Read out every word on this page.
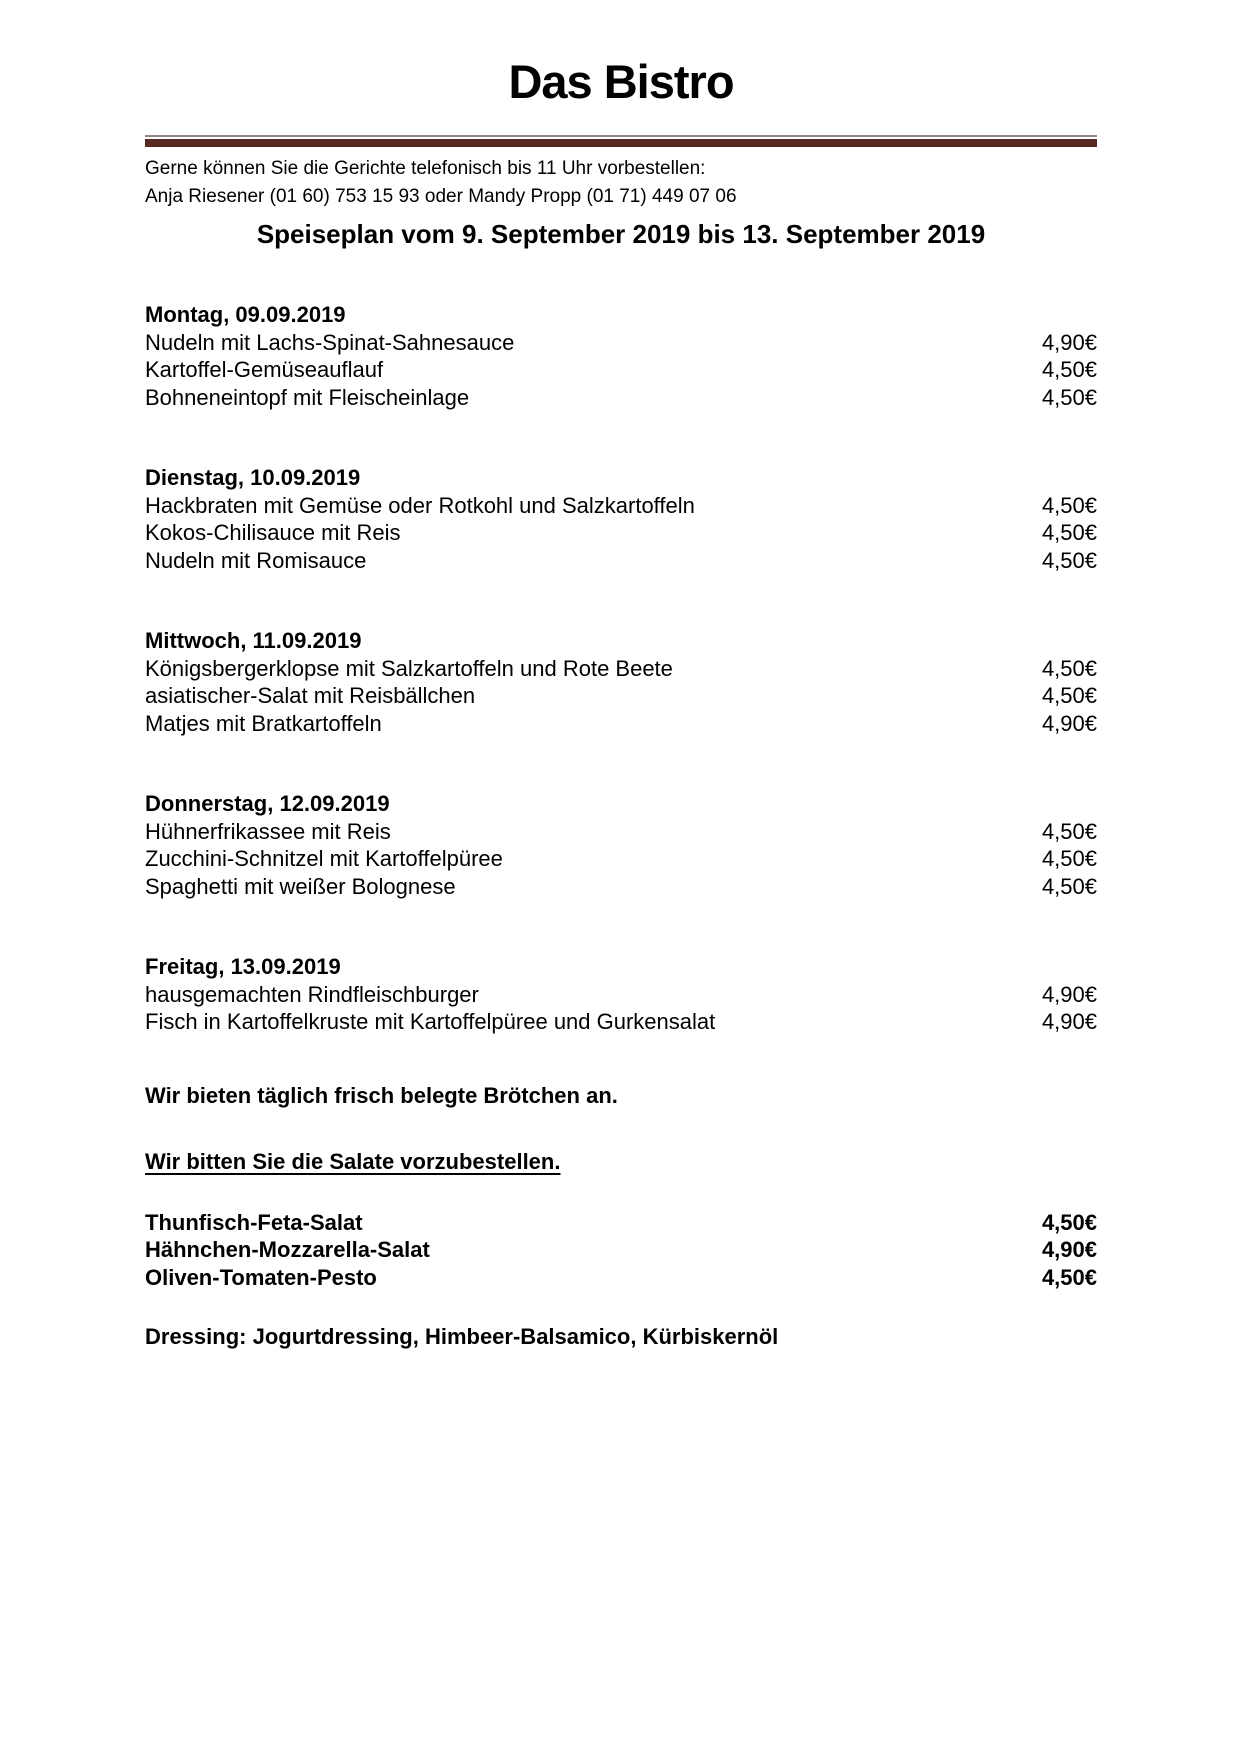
Das Bistro

Gerne können Sie die Gerichte telefonisch bis 11 Uhr vorbestellen:

Anja Riesener (01 60) 753 15 93 oder Mandy Propp (01 71) 449 07 06

Speiseplan vom 9. September 2019 bis 13. September 2019
Montag, 09.09.2019
Nudeln mit Lachs-Spinat-Sahnesauce	4,90€
Kartoffel-Gemüseauflauf	4,50€
Bohneneintopf mit Fleischeinlage	4,50€
Dienstag, 10.09.2019
Hackbraten mit Gemüse oder Rotkohl und Salzkartoffeln	4,50€
Kokos-Chilisauce mit Reis	4,50€
Nudeln mit Romisauce	4,50€
Mittwoch, 11.09.2019
Königsbergerklopse mit Salzkartoffeln und Rote Beete	4,50€
asiatischer-Salat mit Reisbällchen	4,50€
Matjes mit Bratkartoffeln	4,90€
Donnerstag, 12.09.2019
Hühnerfrikassee mit Reis	4,50€
Zucchini-Schnitzel mit Kartoffelpüree	4,50€
Spaghetti mit weißer Bolognese	4,50€
Freitag, 13.09.2019
hausgemachten Rindfleischburger	4,90€
Fisch in Kartoffelkruste mit Kartoffelpüree und Gurkensalat	4,90€

Wir bieten täglich frisch belegte Brötchen an.

Wir bitten Sie die Salate vorzubestellen.

Thunfisch-Feta-Salat	4,50€
Hähnchen-Mozzarella-Salat	4,90€
Oliven-Tomaten-Pesto	4,50€

Dressing: Jogurtdressing, Himbeer-Balsamico, Kürbiskernöl
